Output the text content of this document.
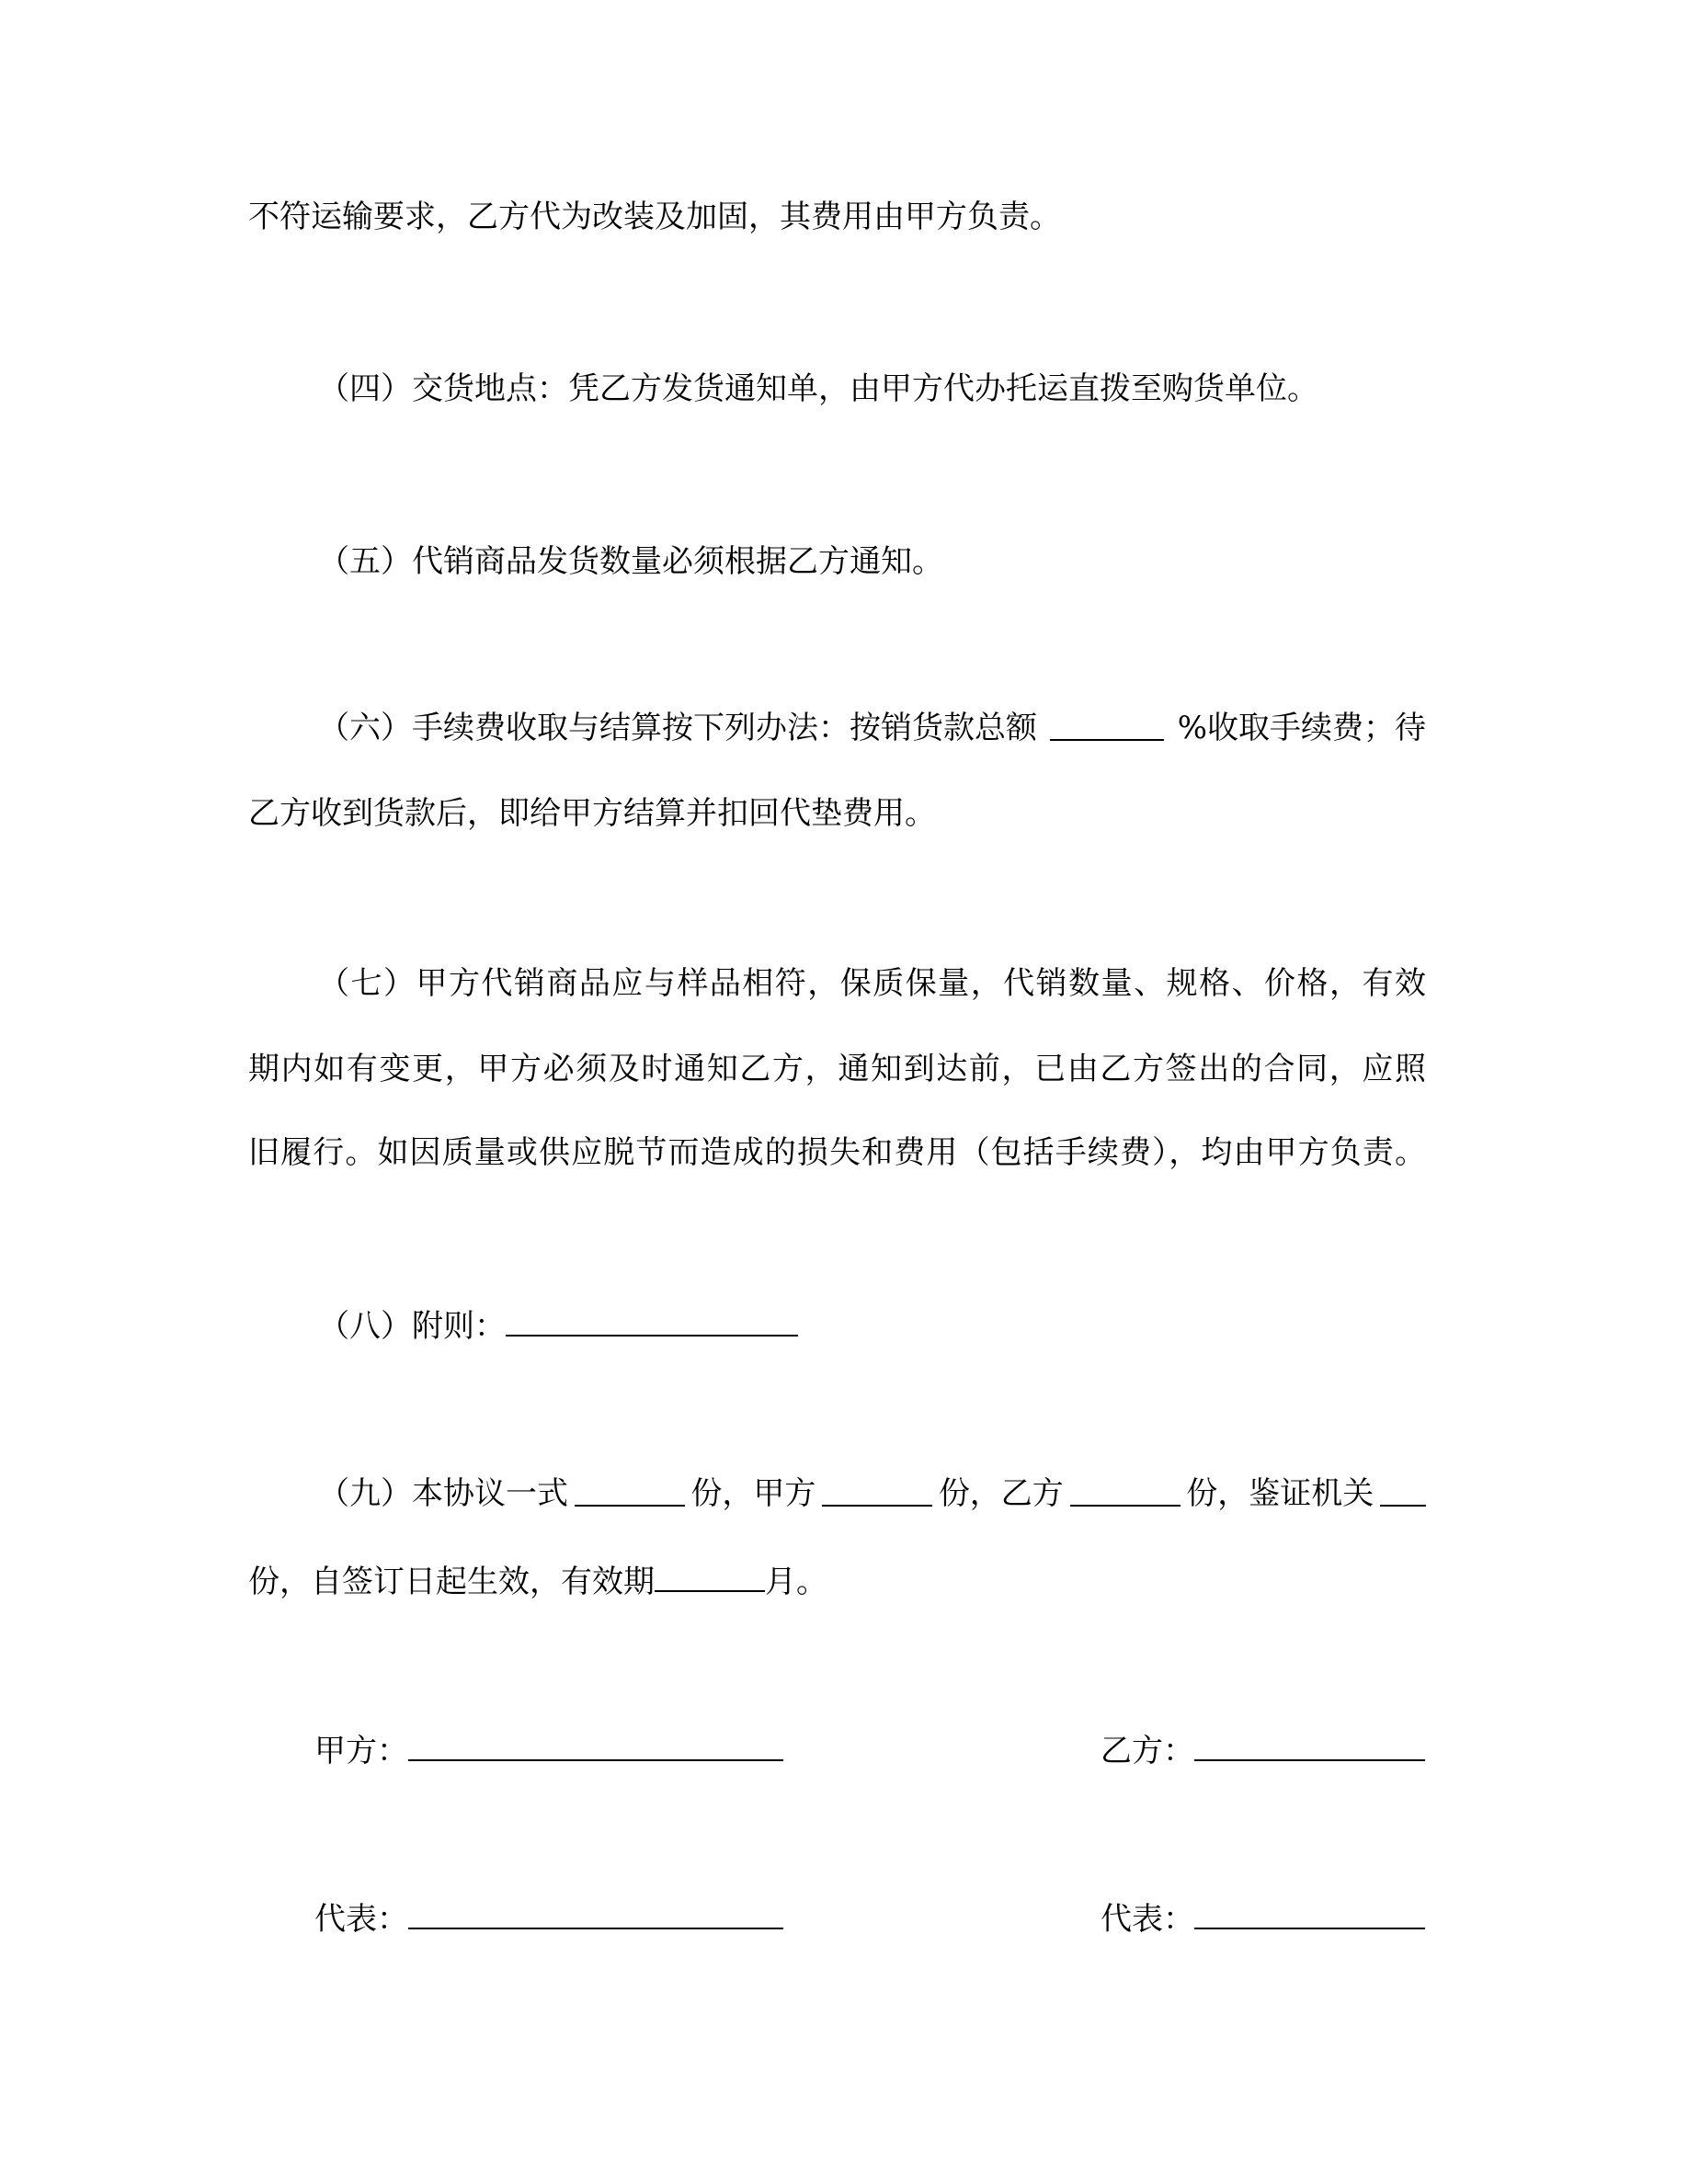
不符运输要求，乙方代为改装及加固，其费用由甲方负责。
（四）交货地点：凭乙方发货通知单，由甲方代办托运直拨至购货单位。
（五）代销商品发货数量必须根据乙方通知。
（六）手续费收取与结算按下列办法：按销货款总额	%收取手续费；待
乙方收到货款后，即给甲方结算并扣回代垫费用。
（七）甲方代销商品应与样品相符，保质保量，代销数量、规格、价格，有效
期内如有变更，甲方必须及时通知乙方，通知到达前，已由乙方签出的合同，应照
旧履行。如因质量或供应脱节而造成的损失和费用（包括手续费），均由甲方负责。
（八）附则：
（九）本协议一式	份，甲方	份，乙方	份，鉴证机关
份，自签订日起生效，有效期	月。
甲方：	乙方：
代表：	代表：
